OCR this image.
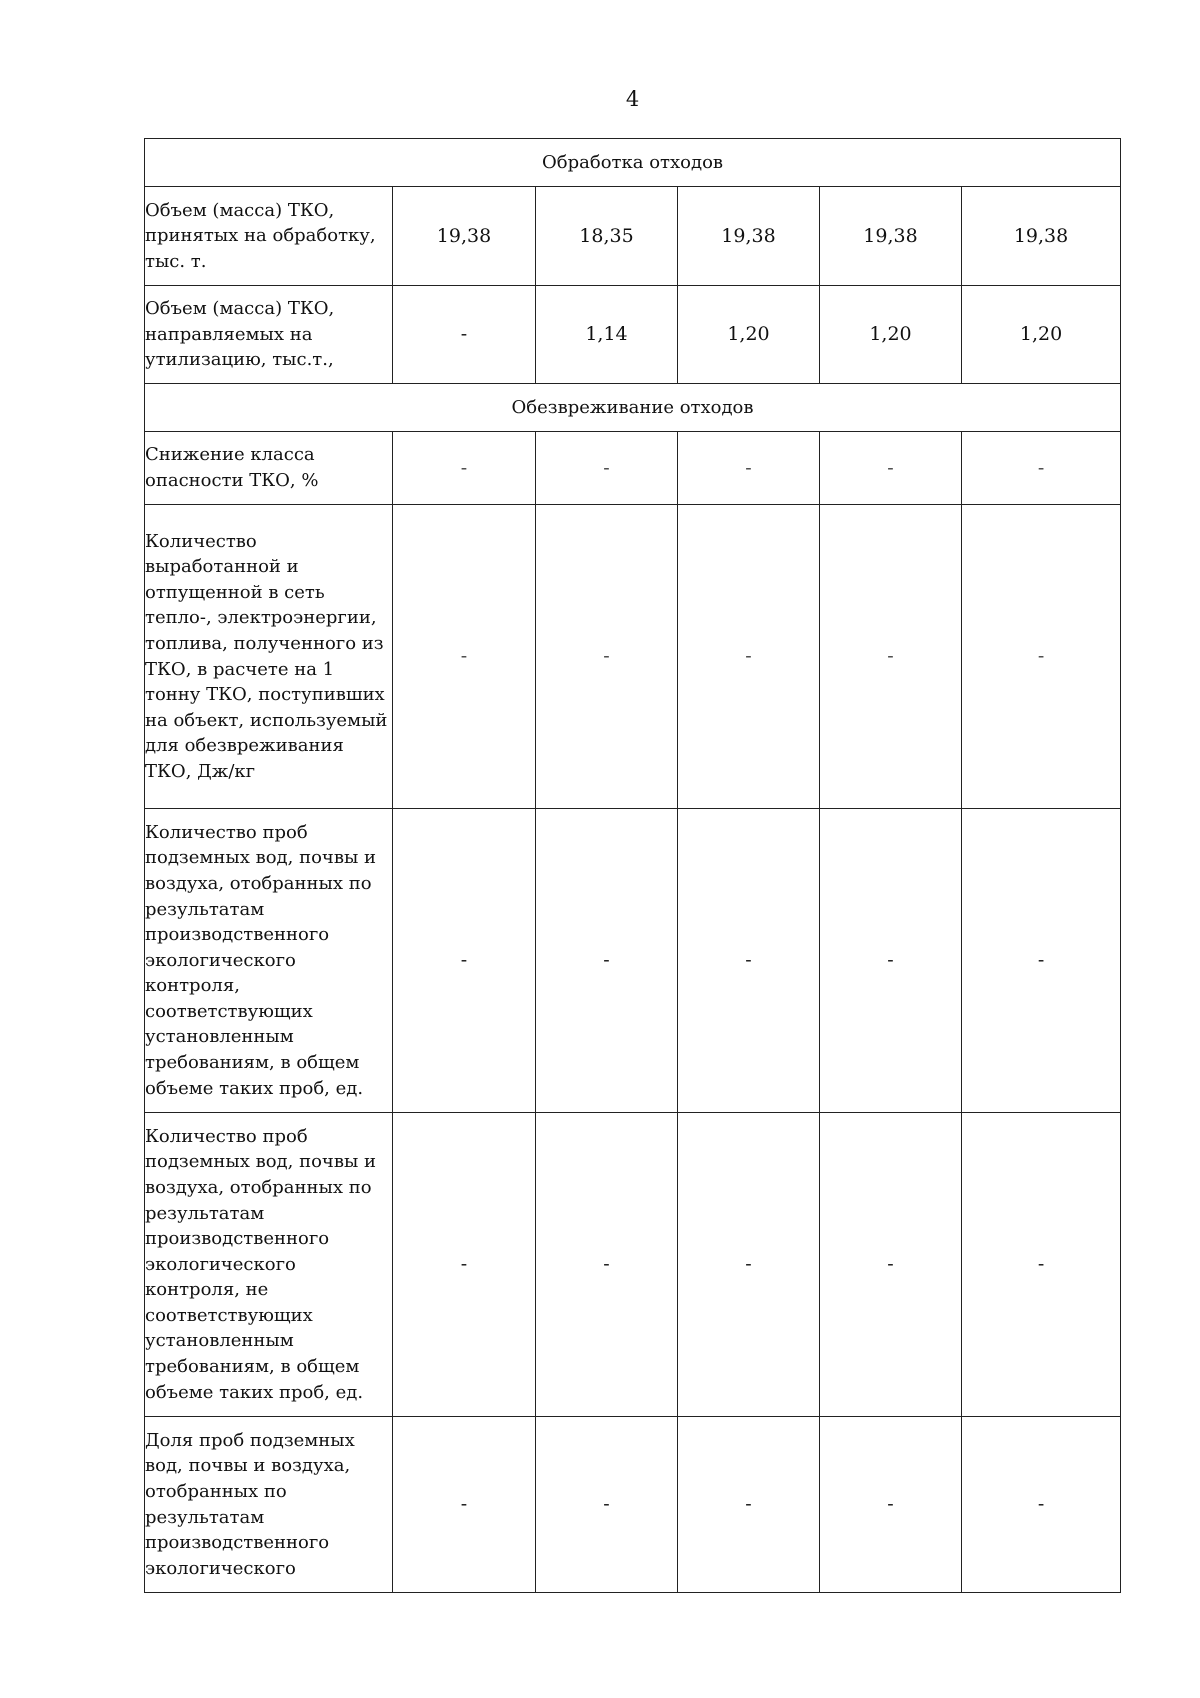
4
Обработка отходов					
Объем (масса) ТКО, принятых на обработку, тыс. т.	19,38	18,35	19,38	19,38	19,38
Объем (масса) ТКО, направляемых на утилизацию, тыс.т.,	-	1,14	1,20	1,20	1,20
Обезвреживание отходов					
Снижение класса опасности ТКО, %	-	-	-	-	-
Количество выработанной и отпущенной в сеть тепло-, электроэнергии, топлива, полученного из ТКО, в расчете на 1 тонну ТКО, поступивших на объект, используемый для обезвреживания ТКО, Дж/кг	-	-	-	-	-
Количество проб подземных вод, почвы и воздуха, отобранных по результатам производственного экологического контроля, соответствующих установленным требованиям, в общем объеме таких проб, ед.	-	-	-	-	-
Количество проб подземных вод, почвы и воздуха, отобранных по результатам производственного экологического контроля, не соответствующих установленным требованиям, в общем объеме таких проб, ед.	-	-	-	-	-
Доля проб подземных вод, почвы и воздуха, отобранных по результатам производственного экологического	-	-	-	-	-
